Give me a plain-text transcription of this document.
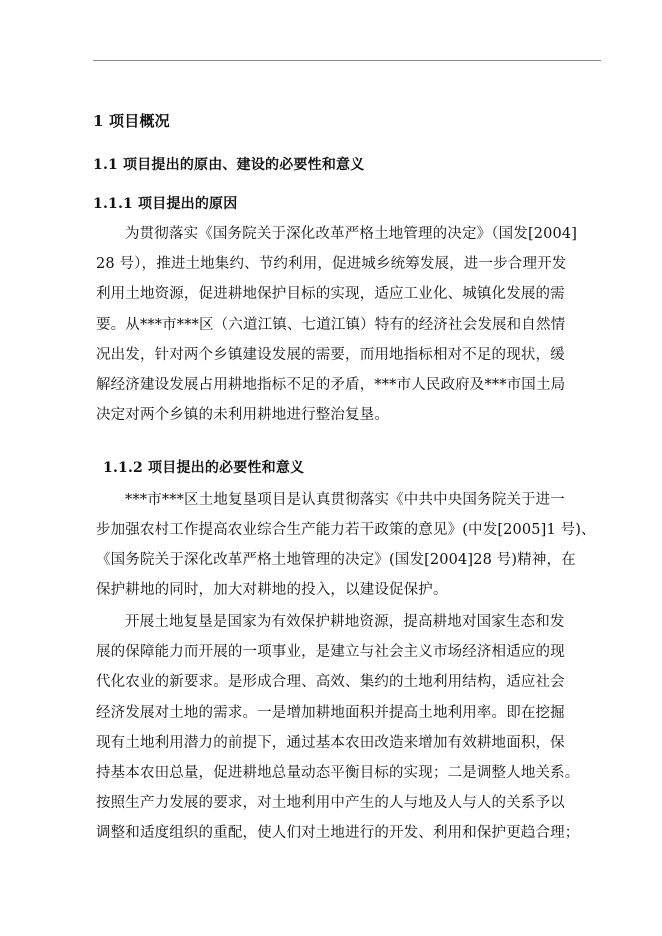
1 项目概况
1.1 项目提出的原由、建设的必要性和意义
1.1.1 项目提出的原因
为贯彻落实《国务院关于深化改革严格土地管理的决定》（国发[2004]
28 号），推进土地集约、节约利用，促进城乡统筹发展，进一步合理开发
利用土地资源，促进耕地保护目标的实现，适应工业化、城镇化发展的需
要。从***市***区（六道江镇、七道江镇）特有的经济社会发展和自然情
况出发，针对两个乡镇建设发展的需要，而用地指标相对不足的现状，缓
解经济建设发展占用耕地指标不足的矛盾，***市人民政府及***市国土局
决定对两个乡镇的未利用耕地进行整治复垦。
1.1.2 项目提出的必要性和意义
***市***区土地复垦项目是认真贯彻落实《中共中央国务院关于进一
步加强农村工作提高农业综合生产能力若干政策的意见》(中发[2005]1 号)、
《国务院关于深化改革严格土地管理的决定》(国发[2004]28 号)精神，在
保护耕地的同时，加大对耕地的投入，以建设促保护。
开展土地复垦是国家为有效保护耕地资源，提高耕地对国家生态和发
展的保障能力而开展的一项事业，是建立与社会主义市场经济相适应的现
代化农业的新要求。是形成合理、高效、集约的土地利用结构，适应社会
经济发展对土地的需求。一是增加耕地面积并提高土地利用率。即在挖掘
现有土地利用潜力的前提下，通过基本农田改造来增加有效耕地面积，保
持基本农田总量，促进耕地总量动态平衡目标的实现；二是调整人地关系。
按照生产力发展的要求，对土地利用中产生的人与地及人与人的关系予以
调整和适度组织的重配，使人们对土地进行的开发、利用和保护更趋合理；
